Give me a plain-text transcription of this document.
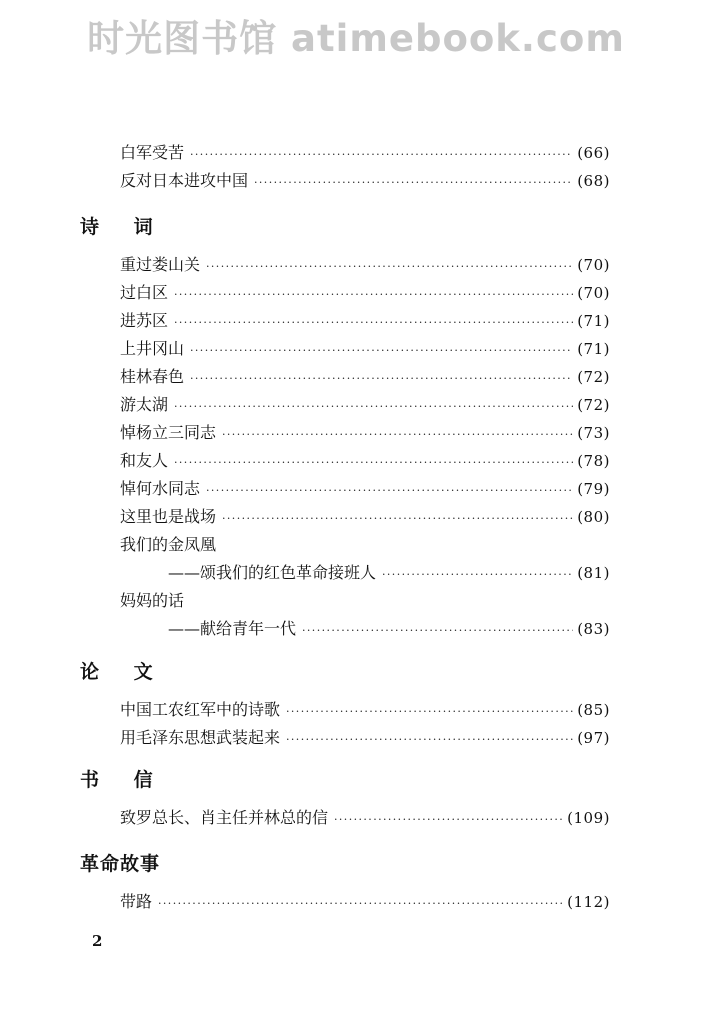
时光图书馆 atimebook.com
白军受苦 ·····	(66)
反对日本进攻中国 ·····	(68)
诗 词
重过娄山关 ·····	(70)
过白区 ·····	(70)
进苏区 ·····	(71)
上井冈山 ·····	(71)
桂林春色 ·····	(72)
游太湖 ·····	(72)
悼杨立三同志 ·····	(73)
和友人 ·····	(78)
悼何水同志 ·····	(79)
这里也是战场 ·····	(80)
我们的金凤凰
——颂我们的红色革命接班人 ·····	(81)
妈妈的话
——献给青年一代 ·····	(83)
论 文
中国工农红军中的诗歌 ·····	(85)
用毛泽东思想武装起来 ·····	(97)
书 信
致罗总长、肖主任并林总的信 ·····	(109)
革命故事
带路 ·····	(112)
2
